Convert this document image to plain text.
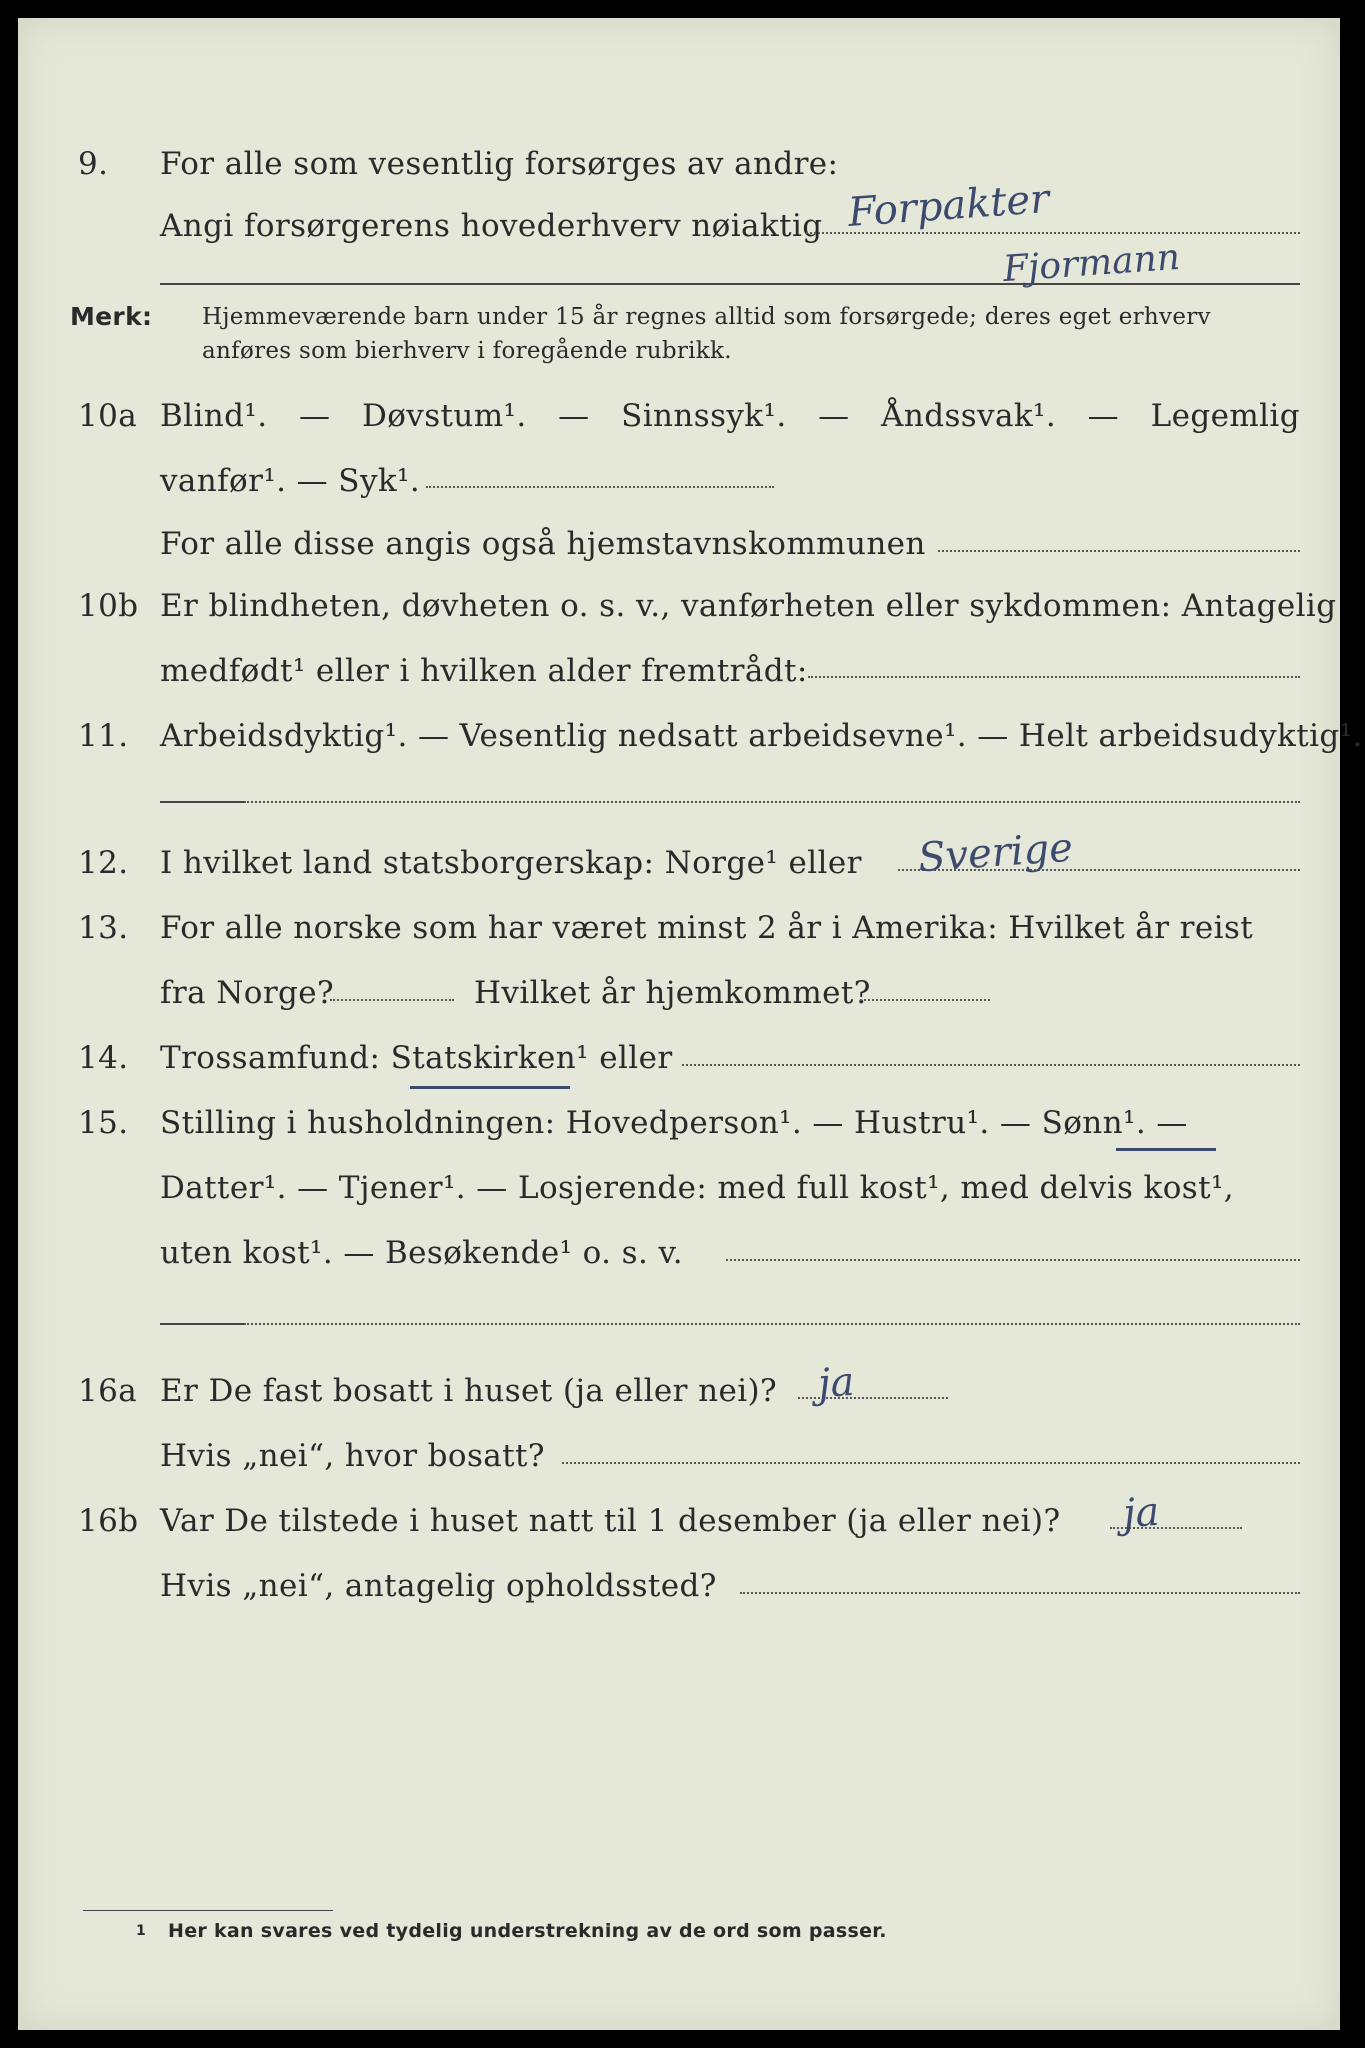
9. For alle som vesentlig forsørges av andre:
Angi forsørgerens hovederhverv nøiaktig Forpakter
Fjormann
Merk: Hjemmeværende barn under 15 år regnes alltid som forsørgede; deres eget erhverv
anføres som bierhverv i foregående rubrikk.
10a Blind¹. — Døvstum¹. — Sinnssyk¹. — Åndssvak¹. — Legemlig
vanfør¹. — Syk¹.
For alle disse angis også hjemstavnskommunen
10b Er blindheten, døvheten o. s. v., vanførheten eller sykdommen: Antagelig
medfødt¹ eller i hvilken alder fremtrådt:
11. Arbeidsdyktig¹. — Vesentlig nedsatt arbeidsevne¹. — Helt arbeidsudyktig¹.
12. I hvilket land statsborgerskap: Norge¹ eller Sverige
13. For alle norske som har været minst 2 år i Amerika: Hvilket år reist
fra Norge?	Hvilket år hjemkommet?
14. Trossamfund: Statskirken¹ eller
15. Stilling i husholdningen: Hovedperson¹. — Hustru¹. — Sønn¹. —
Datter¹. — Tjener¹. — Losjerende: med full kost¹, med delvis kost¹,
uten kost¹. — Besøkende¹ o. s. v.
16a Er De fast bosatt i huset (ja eller nei)? ja
Hvis „nei“, hvor bosatt?
16b Var De tilstede i huset natt til 1 desember (ja eller nei)? ja
Hvis „nei“, antagelig opholdssted?
1 Her kan svares ved tydelig understrekning av de ord som passer.
